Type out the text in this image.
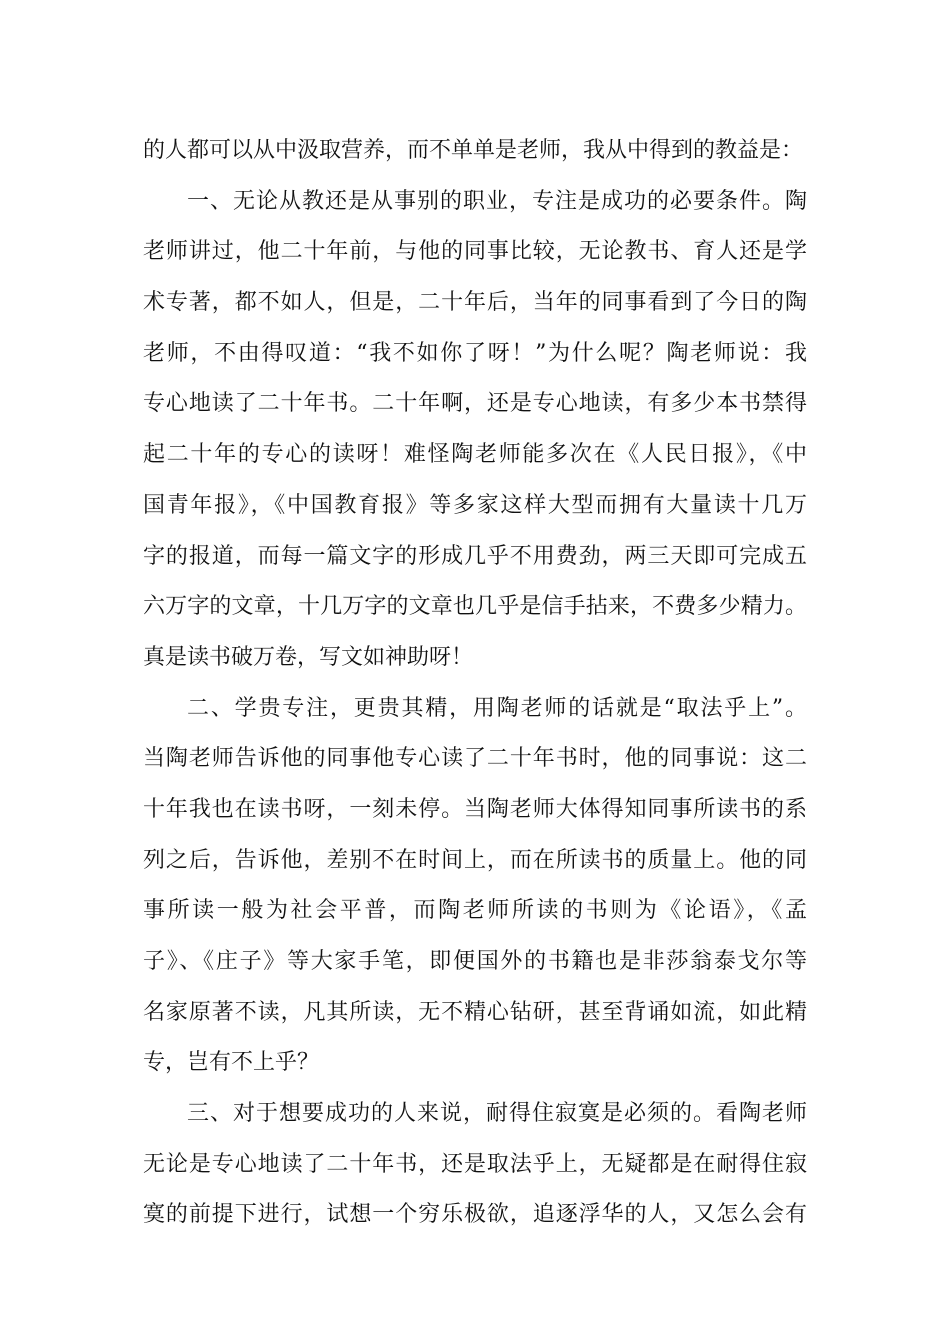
的人都可以从中汲取营养，而不单单是老师，我从中得到的教益是：
一、无论从教还是从事别的职业，专注是成功的必要条件。陶
老师讲过，他二十年前，与他的同事比较，无论教书、育人还是学
术专著，都不如人，但是，二十年后，当年的同事看到了今日的陶
老师，不由得叹道：“我不如你了呀！”为什么呢？陶老师说：我
专心地读了二十年书。二十年啊，还是专心地读，有多少本书禁得
起二十年的专心的读呀！难怪陶老师能多次在《人民日报》，《中
国青年报》，《中国教育报》等多家这样大型而拥有大量读十几万
字的报道，而每一篇文字的形成几乎不用费劲，两三天即可完成五
六万字的文章，十几万字的文章也几乎是信手拈来，不费多少精力。
真是读书破万卷，写文如神助呀！
二、学贵专注，更贵其精，用陶老师的话就是“取法乎上”。
当陶老师告诉他的同事他专心读了二十年书时，他的同事说：这二
十年我也在读书呀，一刻未停。当陶老师大体得知同事所读书的系
列之后，告诉他，差别不在时间上，而在所读书的质量上。他的同
事所读一般为社会平普，而陶老师所读的书则为《论语》，《孟
子》、《庄子》等大家手笔，即便国外的书籍也是非莎翁泰戈尔等
名家原著不读，凡其所读，无不精心钻研，甚至背诵如流，如此精
专，岂有不上乎？
三、对于想要成功的人来说，耐得住寂寞是必须的。看陶老师
无论是专心地读了二十年书，还是取法乎上，无疑都是在耐得住寂
寞的前提下进行，试想一个穷乐极欲，追逐浮华的人，又怎么会有
